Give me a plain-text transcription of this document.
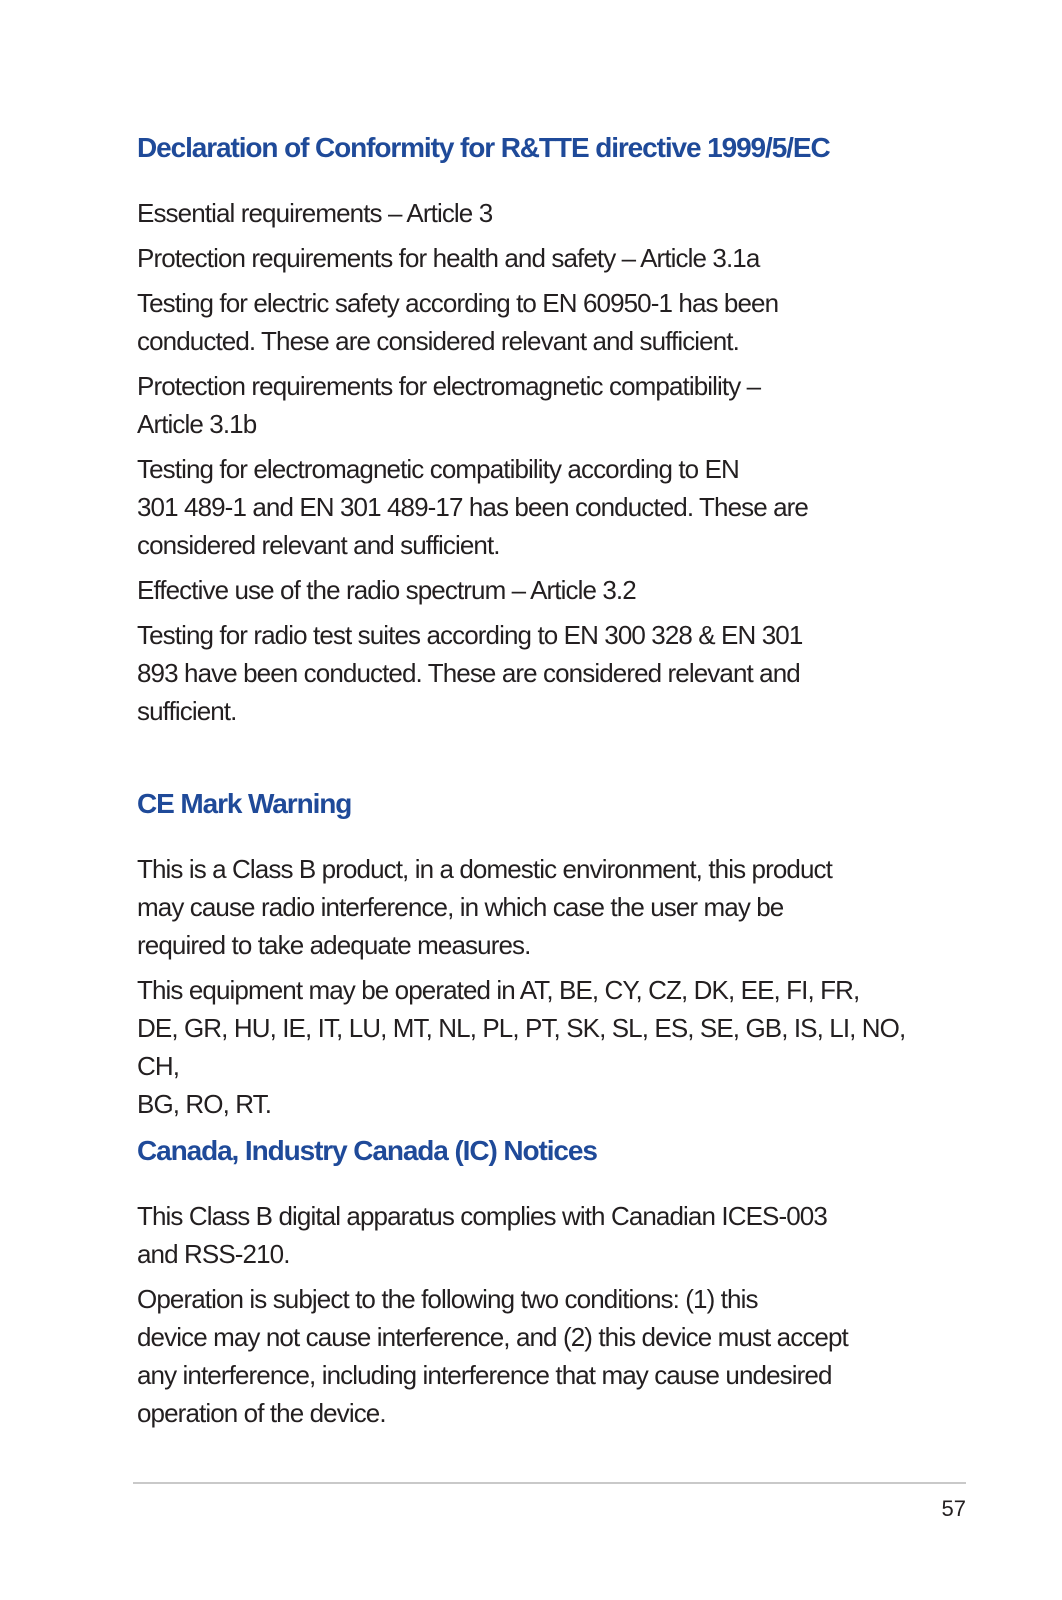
Declaration of Conformity for R&TTE directive 1999/5/EC

Essential requirements – Article 3

Protection requirements for health and safety – Article 3.1a

Testing for electric safety according to EN 60950-1 has been
conducted. These are considered relevant and sufficient.

Protection requirements for electromagnetic compatibility –
Article 3.1b

Testing for electromagnetic compatibility according to EN
301 489-1 and EN 301 489-17 has been conducted. These are
considered relevant and sufficient.

Effective use of the radio spectrum – Article 3.2

Testing for radio test suites according to EN 300 328 & EN 301
893 have been conducted. These are considered relevant and
sufficient.

CE Mark Warning

This is a Class B product, in a domestic environment, this product
may cause radio interference, in which case the user may be
required to take adequate measures.

This equipment may be operated in AT, BE, CY, CZ, DK, EE, FI, FR,
DE, GR, HU, IE, IT, LU, MT, NL, PL, PT, SK, SL, ES, SE, GB, IS, LI, NO, CH,
BG, RO, RT.

Canada, Industry Canada (IC) Notices

This Class B digital apparatus complies with Canadian ICES-003
and RSS-210.

Operation is subject to the following two conditions: (1) this
device may not cause interference, and (2) this device must accept
any interference, including interference that may cause undesired
operation of the device.

57
